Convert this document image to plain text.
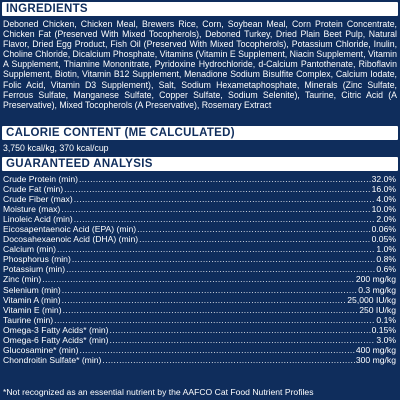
INGREDIENTS
Deboned Chicken, Chicken Meal, Brewers Rice, Corn, Soybean Meal, Corn Protein Concentrate, Chicken Fat (Preserved With Mixed Tocopherols), Deboned Turkey, Dried Plain Beet Pulp, Natural Flavor, Dried Egg Product, Fish Oil (Preserved With Mixed Tocopherols), Potassium Chloride, Inulin, Choline Chloride, Dicalcium Phosphate, Vitamins (Vitamin E Supplement, Niacin Supplement, Vitamin A Supplement, Thiamine Mononitrate, Pyridoxine Hydrochloride, d-Calcium Pantothenate, Riboflavin Supplement, Biotin, Vitamin B12 Supplement, Menadione Sodium Bisulfite Complex, Calcium Iodate, Folic Acid, Vitamin D3 Supplement), Salt, Sodium Hexametaphosphate, Minerals (Zinc Sulfate, Ferrous Sulfate, Manganese Sulfate, Copper Sulfate, Sodium Selenite), Taurine, Citric Acid (A Preservative), Mixed Tocopherols (A Preservative), Rosemary Extract
CALORIE CONTENT (ME CALCULATED)
3,750 kcal/kg, 370 kcal/cup
GUARANTEED ANALYSIS
Crude Protein (min) .....	32.0%
Crude Fat (min) .....	16.0%
Crude Fiber (max) .....	4.0%
Moisture (max) .....	10.0%
Linoleic Acid (min) .....	2.0%
Eicosapentaenoic Acid (EPA) (min) .....	0.06%
Docosahexaenoic Acid (DHA) (min) .....	0.05%
Calcium (min) .....	1.0%
Phosphorus (min) .....	0.8%
Potassium (min) .....	0.6%
Zinc (min) .....	200 mg/kg
Selenium (min) .....	0.3 mg/kg
Vitamin A (min) .....	25,000 IU/kg
Vitamin E (min) .....	250 IU/kg
Taurine (min) .....	0.1%
Omega-3 Fatty Acids* (min) .....	0.15%
Omega-6 Fatty Acids* (min) .....	3.0%
Glucosamine* (min) .....	400 mg/kg
Chondroitin Sulfate* (min) .....	300 mg/kg
*Not recognized as an essential nutrient by the AAFCO Cat Food Nutrient Profiles
